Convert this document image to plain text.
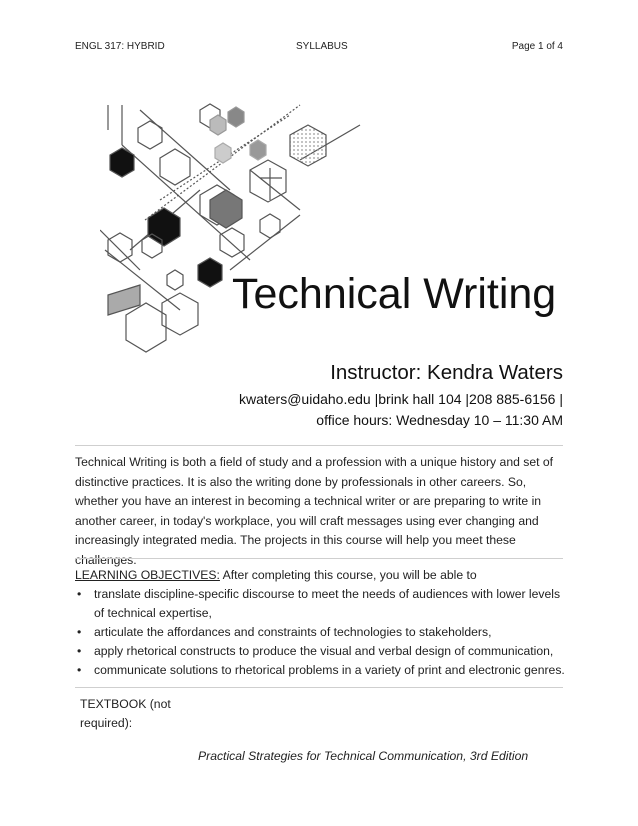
ENGL 317: HYBRID	SYLLABUS	Page 1 of 4
Technical Writing
Instructor: Kendra Waters
kwaters@uidaho.edu |brink hall 104 |208 885-6156 |
office hours: Wednesday 10 – 11:30 AM
Technical Writing is both a field of study and a profession with a unique history and set of distinctive practices. It is also the writing done by professionals in other careers. So, whether you have an interest in becoming a technical writer or are preparing to write in another career, in today's workplace, you will craft messages using ever changing and increasingly integrated media. The projects in this course will help you meet these challenges.
LEARNING OBJECTIVES: After completing this course, you will be able to
• translate discipline-specific discourse to meet the needs of audiences with lower levels of technical expertise,
• articulate the affordances and constraints of technologies to stakeholders,
• apply rhetorical constructs to produce the visual and verbal design of communication,
• communicate solutions to rhetorical problems in a variety of print and electronic genres.
TEXTBOOK (not required):
Practical Strategies for Technical Communication, 3rd Edition
